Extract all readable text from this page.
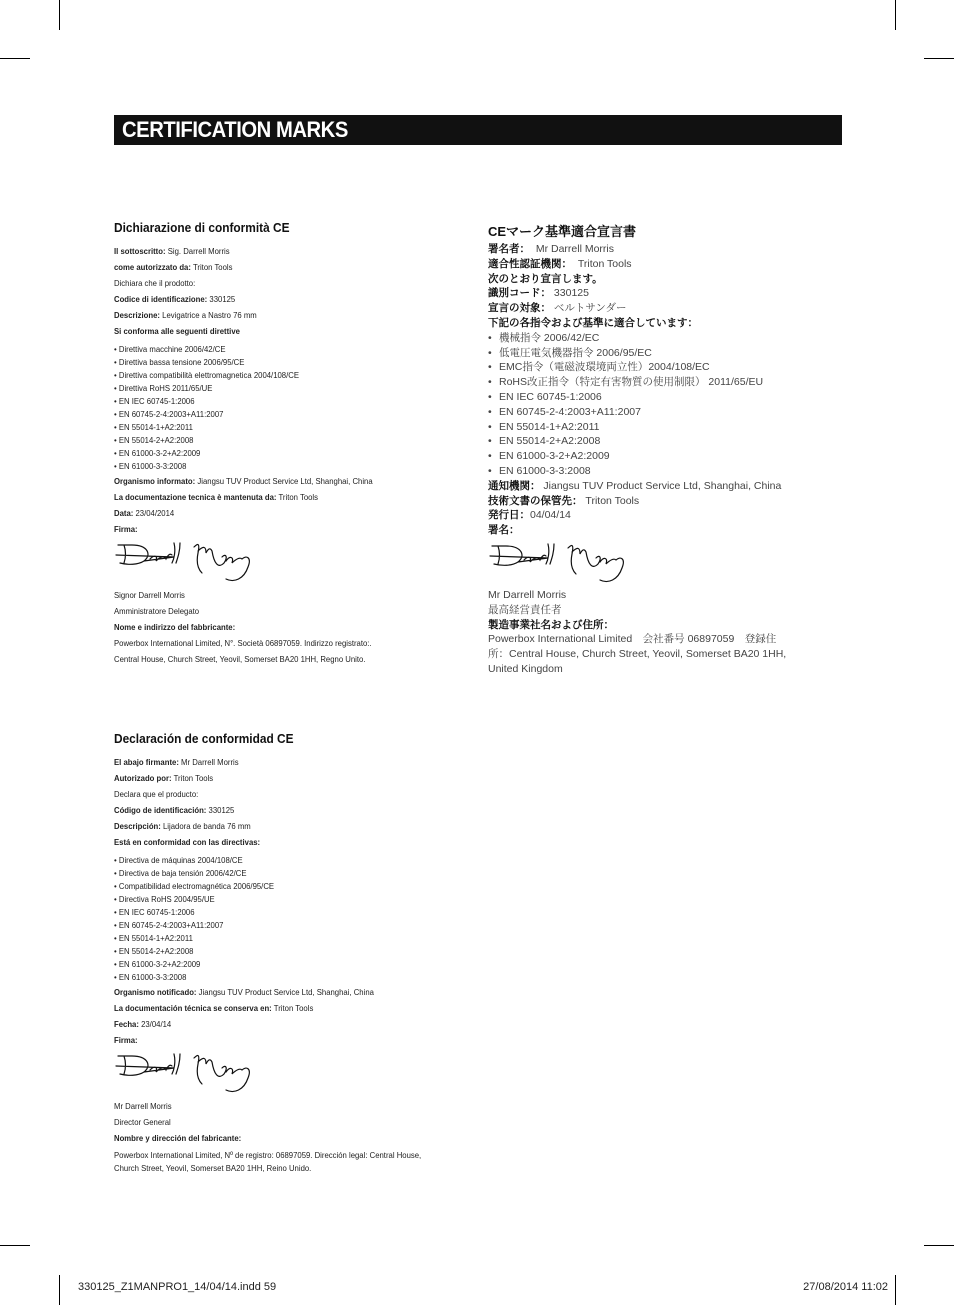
CERTIFICATION MARKS
Dichiarazione di conformità CE
Il sottoscritto: Sig. Darrell Morris
come autorizzato da: Triton Tools
Dichiara che il prodotto:
Codice di identificazione: 330125
Descrizione: Levigatrice a Nastro 76 mm
Si conforma alle seguenti direttive
• Direttiva macchine 2006/42/CE
• Direttiva bassa tensione 2006/95/CE
• Direttiva compatibilità elettromagnetica 2004/108/CE
• Direttiva RoHS 2011/65/UE
• EN IEC 60745-1:2006
• EN 60745-2-4:2003+A11:2007
• EN 55014-1+A2:2011
• EN 55014-2+A2:2008
• EN 61000-3-2+A2:2009
• EN 61000-3-3:2008
Organismo informato: Jiangsu TUV Product Service Ltd, Shanghai, China
La documentazione tecnica è mantenuta da: Triton Tools
Data: 23/04/2014
Firma:
Signor Darrell Morris
Amministratore Delegato
Nome e indirizzo del fabbricante:
Powerbox International Limited, N°. Società 06897059. Indirizzo registrato:.
Central House, Church Street, Yeovil, Somerset BA20 1HH, Regno Unito.
CEマーク基準適合宣言書
署名者： Mr Darrell Morris
適合性認証機関： Triton Tools
次のとおり宣言します。
識別コード： 330125
宣言の対象： ベルトサンダー
下記の各指令および基準に適合しています：
• 機械指令 2006/42/EC
• 低電圧電気機器指令 2006/95/EC
• EMC指令（電磁波環境両立性）2004/108/EC
• RoHS改正指令（特定有害物質の使用制限） 2011/65/EU
• EN IEC 60745-1:2006
• EN 60745-2-4:2003+A11:2007
• EN 55014-1+A2:2011
• EN 55014-2+A2:2008
• EN 61000-3-2+A2:2009
• EN 61000-3-3:2008
通知機関： Jiangsu TUV Product Service Ltd, Shanghai, China
技術文書の保管先： Triton Tools
発行日：04/04/14
署名：
Mr Darrell Morris
最高経営責任者
製造事業社名および住所：
Powerbox International Limited　会社番号 06897059　登録住
所：Central House, Church Street, Yeovil, Somerset BA20 1HH,
United Kingdom
Declaración de conformidad CE
El abajo firmante: Mr Darrell Morris
Autorizado por: Triton Tools
Declara que el producto:
Código de identificación: 330125
Descripción: Lijadora de banda 76 mm
Está en conformidad con las directivas:
• Directiva de máquinas 2004/108/CE
• Directiva de baja tensión 2006/42/CE
• Compatibilidad electromagnética 2006/95/CE
• Directiva RoHS 2004/95/UE
• EN IEC 60745-1:2006
• EN 60745-2-4:2003+A11:2007
• EN 55014-1+A2:2011
• EN 55014-2+A2:2008
• EN 61000-3-2+A2:2009
• EN 61000-3-3:2008
Organismo notificado: Jiangsu TUV Product Service Ltd, Shanghai, China
La documentación técnica se conserva en: Triton Tools
Fecha: 23/04/14
Firma:
Mr Darrell Morris
Director General
Nombre y dirección del fabricante:
Powerbox International Limited, Nº de registro: 06897059. Dirección legal: Central House,
Church Street, Yeovil, Somerset BA20 1HH, Reino Unido.
330125_Z1MANPRO1_14/04/14.indd 59	27/08/2014 11:02
